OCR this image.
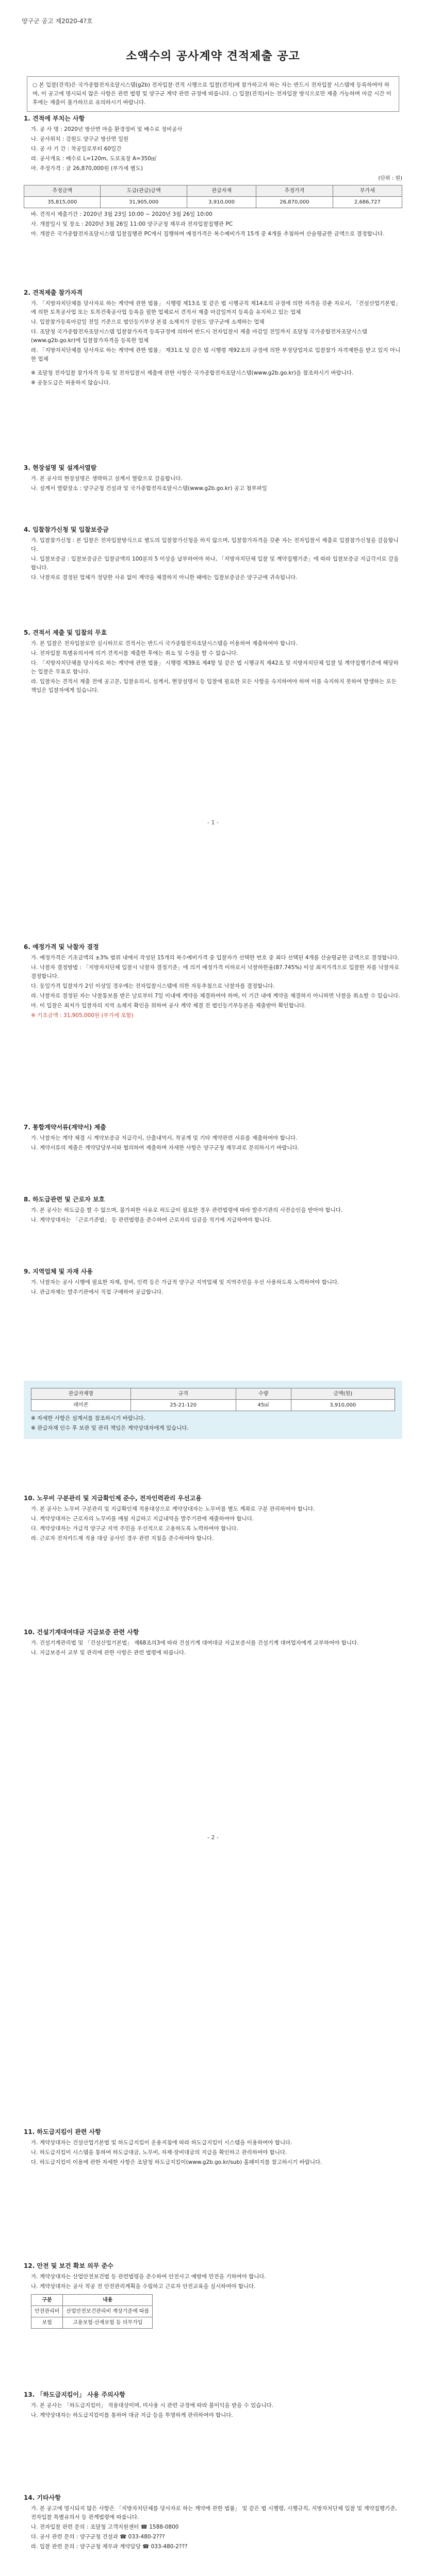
양구군 공고 제2020-4?호
소액수의 공사계약 견적제출 공고
○ 본 입찰(견적)은 국가종합전자조달시스템(g2b) 전자입찰·견적 시행으로 입찰(견적)에 참가하고자 하는 자는 반드시 전자입찰 시스템에 등록하여야 하며, 이 공고에 명시되지 않은 사항은 관련 법령 및 양구군 계약 관련 규정에 따릅니다. ○ 입찰(견적)서는 전자입찰 방식으로만 제출 가능하며 마감 시간 이후에는 제출이 불가하므로 유의하시기 바랍니다.
1. 견적에 부치는 사항
가. 공 사 명 : 2020년 방산면 마을 환경정비 및 배수로 정비공사
나. 공사위치 : 강원도 양구군 방산면 일원
다. 공 사 기 간 : 착공일로부터 60일간
라. 공사개요 : 배수로 L=120m, 도로포장 A=350㎡
마. 추정가격 : 금 26,870,000원 (부가세 별도)
(단위 : 원)
추정금액	도급(관급)금액	관급자재	추정가격	부가세
35,815,000	31,905,000	3,910,000	26,870,000	2,686,727
바. 견적서 제출기간 : 2020년 3월 23일 10:00 ~ 2020년 3월 26일 10:00
사. 개찰일시 및 장소 : 2020년 3월 26일 11:00 양구군청 재무과 전자입찰집행관 PC
아. 개찰은 국가종합전자조달시스템 입찰집행관 PC에서 집행하며 예정가격은 복수예비가격 15개 중 4개를 추첨하여 산술평균한 금액으로 결정합니다.
2. 견적제출 참가자격
가. 「지방자치단체를 당사자로 하는 계약에 관한 법률」 시행령 제13조 및 같은 법 시행규칙 제14조의 규정에 의한 자격을 갖춘 자로서, 「건설산업기본법」에 의한 토목공사업 또는 토목건축공사업 등록을 필한 업체로서 견적서 제출 마감일까지 등록을 유지하고 있는 업체
나. 입찰참가등록마감일 전일 기준으로 법인등기부상 본점 소재지가 강원도 양구군에 소재하는 업체
다. 조달청 국가종합전자조달시스템 입찰참가자격 등록규정에 의하여 반드시 전자입찰서 제출 마감일 전일까지 조달청 국가종합전자조달시스템(www.g2b.go.kr)에 입찰참가자격을 등록한 업체
라. 「지방자치단체를 당사자로 하는 계약에 관한 법률」 제31조 및 같은 법 시행령 제92조의 규정에 의한 부정당업자로 입찰참가 자격제한을 받고 있지 아니한 업체
※ 조달청 전자입찰 참가자격 등록 및 전자입찰서 제출에 관한 사항은 국가종합전자조달시스템(www.g2b.go.kr)을 참조하시기 바랍니다.
※ 공동도급은 허용하지 않습니다.
3. 현장설명 및 설계서열람
가. 본 공사의 현장설명은 생략하고 설계서 열람으로 갈음합니다.
나. 설계서 열람장소 : 양구군청 건설과 및 국가종합전자조달시스템(www.g2b.go.kr) 공고 첨부파일
4. 입찰참가신청 및 입찰보증금
가. 입찰참가신청 : 본 입찰은 전자입찰방식으로 별도의 입찰참가신청을 하지 않으며, 입찰참가자격을 갖춘 자는 전자입찰서 제출로 입찰참가신청을 갈음합니다.
나. 입찰보증금 : 입찰보증금은 입찰금액의 100분의 5 이상을 납부하여야 하나, 「지방자치단체 입찰 및 계약집행기준」에 따라 입찰보증금 지급각서로 갈음합니다.
다. 낙찰자로 결정된 업체가 정당한 사유 없이 계약을 체결하지 아니한 때에는 입찰보증금은 양구군에 귀속됩니다.
5. 견적서 제출 및 입찰의 무효
가. 본 입찰은 전자입찰로만 실시하므로 견적서는 반드시 국가종합전자조달시스템을 이용하여 제출하여야 합니다.
나. 전자입찰 특별유의서에 의거 견적서를 제출한 후에는 취소 및 수정을 할 수 없습니다.
다. 「지방자치단체를 당사자로 하는 계약에 관한 법률」 시행령 제39조 제4항 및 같은 법 시행규칙 제42조 및 지방자치단체 입찰 및 계약집행기준에 해당하는 입찰은 무효로 합니다.
라. 입찰자는 견적서 제출 전에 공고문, 입찰유의서, 설계서, 현장설명서 등 입찰에 필요한 모든 사항을 숙지하여야 하며 이를 숙지하지 못하여 발생하는 모든 책임은 입찰자에게 있습니다.
- 1 -
6. 예정가격 및 낙찰자 결정
가. 예정가격은 기초금액의 ±3% 범위 내에서 작성된 15개의 복수예비가격 중 입찰자가 선택한 번호 중 최다 선택된 4개를 산술평균한 금액으로 결정합니다.
나. 낙찰자 결정방법 : 「지방자치단체 입찰시 낙찰자 결정기준」에 의거 예정가격 이하로서 낙찰하한율(87.745%) 이상 최저가격으로 입찰한 자를 낙찰자로 결정합니다.
다. 동일가격 입찰자가 2인 이상일 경우에는 전자입찰시스템에 의한 자동추첨으로 낙찰자를 결정합니다.
라. 낙찰자로 결정된 자는 낙찰통보를 받은 날로부터 7일 이내에 계약을 체결하여야 하며, 이 기간 내에 계약을 체결하지 아니하면 낙찰을 취소할 수 있습니다.
마. 이 입찰은 최저가 입찰자의 지역 소재지 확인을 위하여 공사 계약 체결 전 법인등기부등본을 제출받아 확인합니다.
※ 기초금액 : 31,905,000원 (부가세 포함)
7. 통합계약서류(계약서) 제출
가. 낙찰자는 계약 체결 시 계약보증금 지급각서, 산출내역서, 착공계 및 기타 계약관련 서류를 제출하여야 합니다.
나. 계약서류의 제출은 계약담당부서와 협의하여 제출하며 자세한 사항은 양구군청 재무과로 문의하시기 바랍니다.
8. 하도급관련 및 근로자 보호
가. 본 공사는 하도급을 할 수 없으며, 불가피한 사유로 하도급이 필요한 경우 관련법령에 따라 발주기관의 사전승인을 받아야 합니다.
나. 계약상대자는 「근로기준법」 등 관련법령을 준수하여 근로자의 임금을 적기에 지급하여야 합니다.
9. 지역업체 및 자재 사용
가. 낙찰자는 공사 시행에 필요한 자재, 장비, 인력 등은 가급적 양구군 지역업체 및 지역주민을 우선 사용하도록 노력하여야 합니다.
나. 관급자재는 발주기관에서 직접 구매하여 공급합니다.
관급자재명	규격	수량	금액(원)
레미콘	25-21-120	45㎥	3,910,000
※ 자세한 사항은 설계서를 참조하시기 바랍니다.
※ 관급자재 인수 후 보관 및 관리 책임은 계약상대자에게 있습니다.
10. 노무비 구분관리 및 지급확인제 준수, 전자인력관리 우선고용
가. 본 공사는 노무비 구분관리 및 지급확인제 적용대상으로 계약상대자는 노무비를 별도 계좌로 구분 관리하여야 합니다.
나. 계약상대자는 근로자의 노무비를 매월 지급하고 지급내역을 발주기관에 제출하여야 합니다.
다. 계약상대자는 가급적 양구군 지역 주민을 우선적으로 고용하도록 노력하여야 합니다.
라. 근로자 전자카드제 적용 대상 공사인 경우 관련 지침을 준수하여야 합니다.
10. 건설기계대여대금 지급보증 관련 사항
가. 건설기계관리법 및 「건설산업기본법」 제68조의3에 따라 건설기계 대여대금 지급보증서를 건설기계 대여업자에게 교부하여야 합니다.
나. 지급보증서 교부 및 관리에 관한 사항은 관련 법령에 따릅니다.
- 2 -
11. 하도급지킴이 관련 사항
가. 계약상대자는 건설산업기본법 및 하도급지킴이 운용지침에 따라 하도급지킴이 시스템을 이용하여야 합니다.
나. 하도급지킴이 시스템을 통하여 하도급대금, 노무비, 자재·장비대금의 지급을 확인하고 관리하여야 합니다.
다. 하도급지킴이 이용에 관한 자세한 사항은 조달청 하도급지킴이(www.g2b.go.kr/sub) 홈페이지를 참고하시기 바랍니다.
12. 안전 및 보건 확보 의무 준수
가. 계약상대자는 산업안전보건법 등 관련법령을 준수하여 안전사고 예방에 만전을 기하여야 합니다.
나. 계약상대자는 공사 착공 전 안전관리계획을 수립하고 근로자 안전교육을 실시하여야 합니다.
구분	내용
안전관리비	산업안전보건관리비 계상기준에 따름
보험	고용보험·산재보험 등 의무가입
13. 「하도급지킴이」 사용 주의사항
가. 본 공사는 「하도급지킴이」 적용대상이며, 미사용 시 관련 규정에 따라 불이익을 받을 수 있습니다.
나. 계약상대자는 하도급지킴이를 통하여 대금 지급 등을 투명하게 관리하여야 합니다.
14. 기타사항
가. 본 공고에 명시되지 않은 사항은 「지방자치단체를 당사자로 하는 계약에 관한 법률」 및 같은 법 시행령, 시행규칙, 지방자치단체 입찰 및 계약집행기준, 전자입찰 특별유의서 등 관계법령에 따릅니다.
나. 전자입찰 관련 문의 : 조달청 고객지원센터 ☎ 1588-0800
다. 공사 관련 문의 : 양구군청 건설과 ☎ 033-480-2???
라. 입찰 관련 문의 : 양구군청 재무과 계약담당 ☎ 033-480-2???
